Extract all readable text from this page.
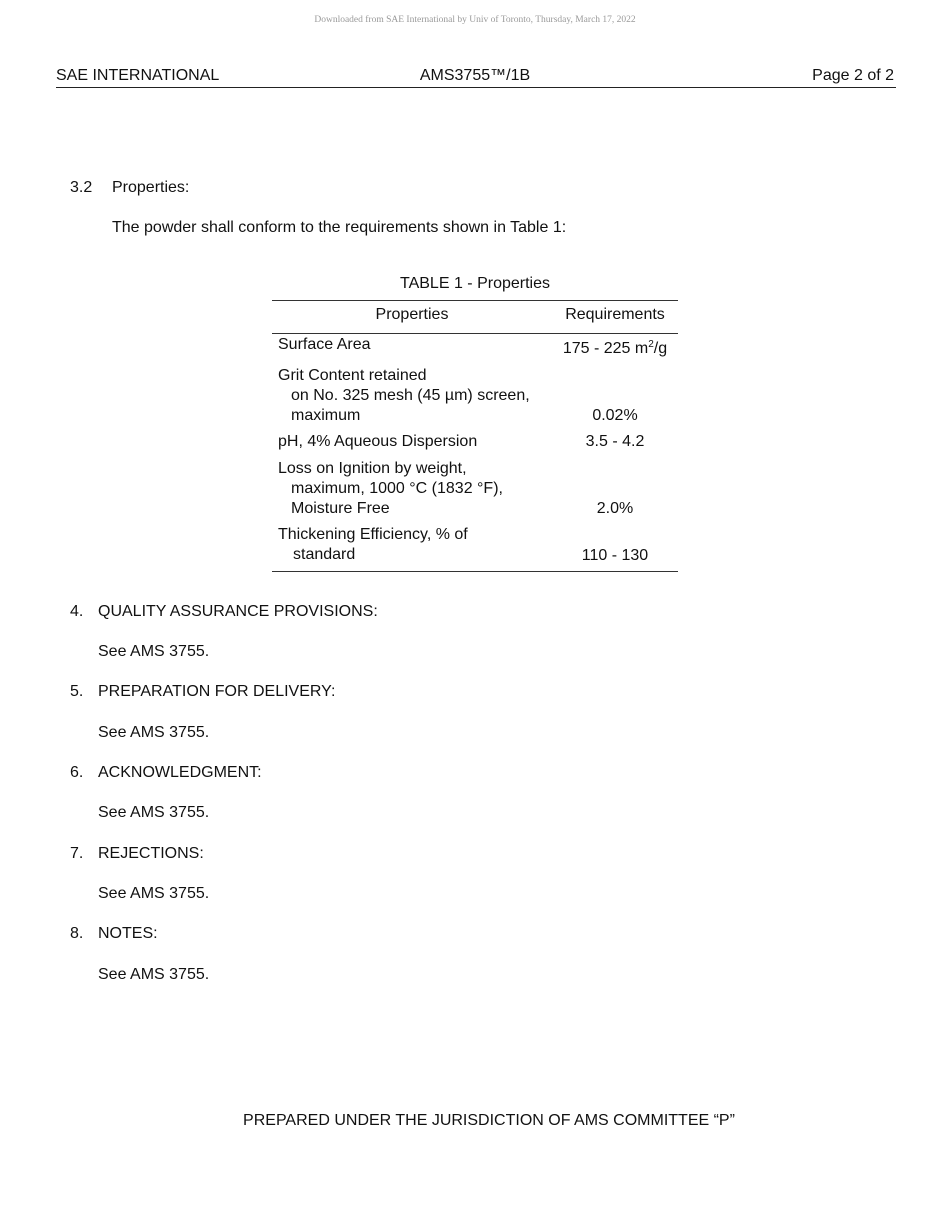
Downloaded from SAE International by Univ of Toronto, Thursday, March 17, 2022
SAE INTERNATIONAL	AMS3755™/1B	Page 2 of 2
3.2 Properties:
The powder shall conform to the requirements shown in Table 1:
TABLE 1 - Properties
Properties	Requirements
Surface Area	175 - 225 $m^2/g$
Grit Content retained
on No. 325 mesh (45 µm) screen,
maximum	0.02%
pH, 4% Aqueous Dispersion	3.5 - 4.2
Loss on Ignition by weight,
maximum, 1000 °C (1832 °F),
Moisture Free	2.0%
Thickening Efficiency, % of
standard	110 - 130
4. QUALITY ASSURANCE PROVISIONS:
See AMS 3755.
5. PREPARATION FOR DELIVERY:
See AMS 3755.
6. ACKNOWLEDGMENT:
See AMS 3755.
7. REJECTIONS:
See AMS 3755.
8. NOTES:
See AMS 3755.
PREPARED UNDER THE JURISDICTION OF AMS COMMITTEE “P”
